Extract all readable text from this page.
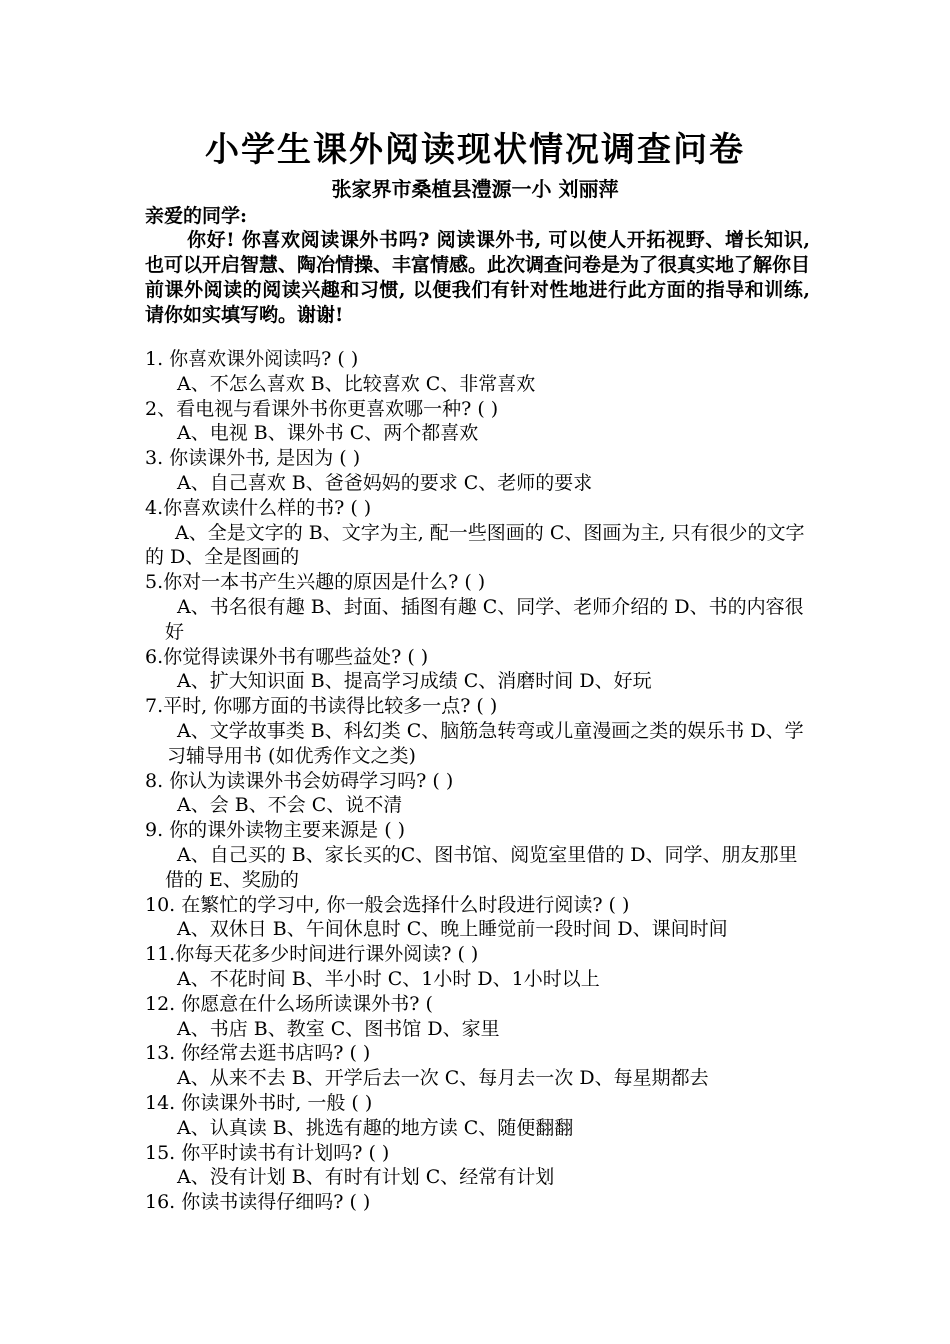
小学生课外阅读现状情况调查问卷
张家界市桑植县澧源一小 刘丽萍
亲爱的同学:

你好! 你喜欢阅读课外书吗? 阅读课外书, 可以使人开拓视野、增长知识, 也可以开启智慧、陶冶情操、丰富情感。此次调查问卷是为了很真实地了解你目前课外阅读的阅读兴趣和习惯, 以便我们有针对性地进行此方面的指导和训练, 请你如实填写哟。谢谢!

1. 你喜欢课外阅读吗? ( )

A、不怎么喜欢 B、比较喜欢 C、非常喜欢

2、看电视与看课外书你更喜欢哪一种? ( )

A、电视 B、课外书 C、两个都喜欢

3. 你读课外书, 是因为 ( )

A、自己喜欢 B、爸爸妈妈的要求 C、老师的要求

4.你喜欢读什么样的书? ( )

A、全是文字的 B、文字为主, 配一些图画的 C、图画为主, 只有很少的文字的 D、全是图画的

5.你对一本书产生兴趣的原因是什么? ( )

A、书名很有趣 B、封面、插图有趣 C、同学、老师介绍的 D、书的内容很好

6.你觉得读课外书有哪些益处? ( )

A、扩大知识面 B、提高学习成绩 C、消磨时间 D、好玩

7.平时, 你哪方面的书读得比较多一点? ( )

A、文学故事类 B、科幻类 C、脑筋急转弯或儿童漫画之类的娱乐书 D、学习辅导用书 (如优秀作文之类)

8. 你认为读课外书会妨碍学习吗? ( )

A、会 B、不会 C、说不清

9. 你的课外读物主要来源是 ( )

A、自己买的 B、家长买的C、图书馆、阅览室里借的 D、同学、朋友那里借的 E、奖励的

10. 在繁忙的学习中, 你一般会选择什么时段进行阅读? ( )

A、双休日 B、午间休息时 C、晚上睡觉前一段时间 D、课间时间

11.你每天花多少时间进行课外阅读? ( )

A、不花时间 B、半小时 C、1小时 D、1小时以上

12. 你愿意在什么场所读课外书? (

A、书店 B、教室 C、图书馆 D、家里

13. 你经常去逛书店吗? ( )

A、从来不去 B、开学后去一次 C、每月去一次 D、每星期都去

14. 你读课外书时, 一般 ( )

A、认真读 B、挑选有趣的地方读 C、随便翻翻

15. 你平时读书有计划吗? ( )

A、没有计划 B、有时有计划 C、经常有计划

16. 你读书读得仔细吗? ( )
